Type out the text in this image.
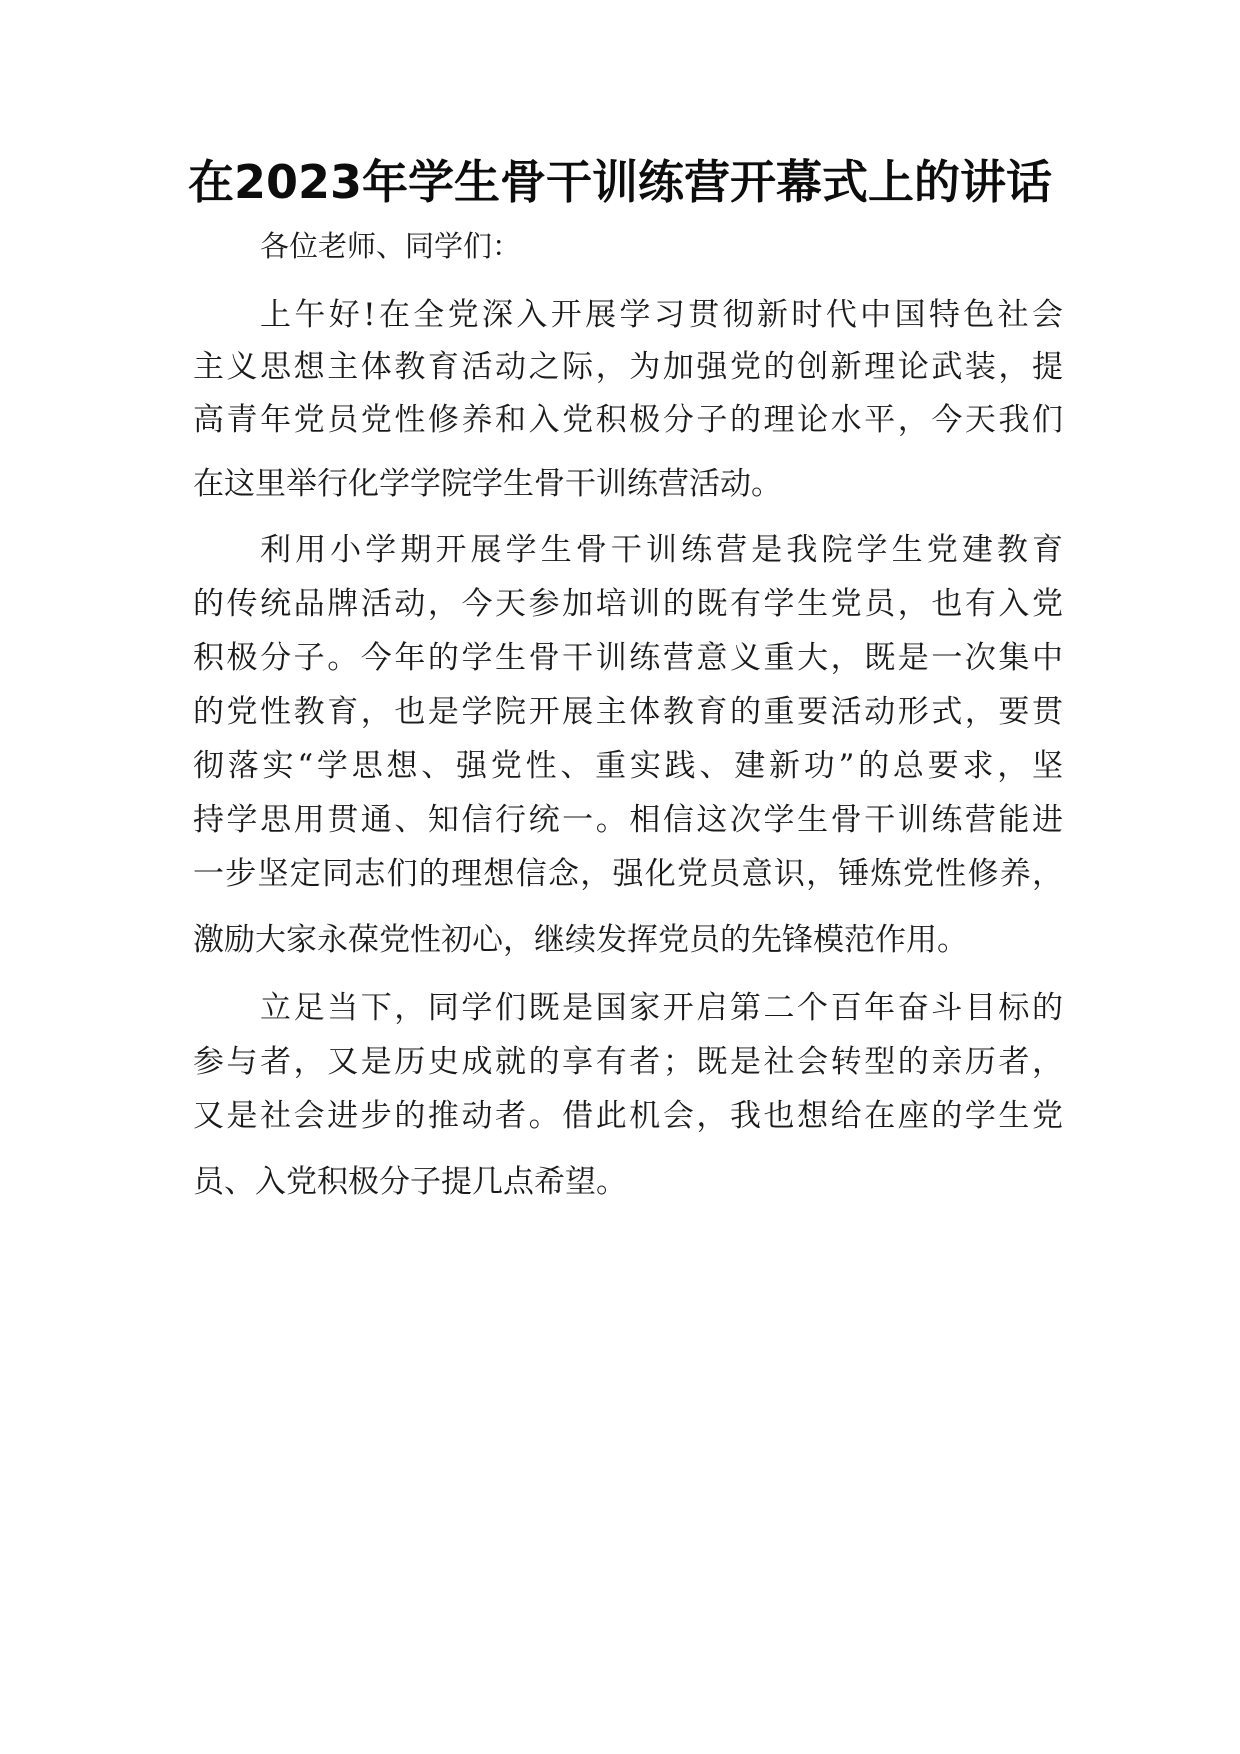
在2023年学生骨干训练营开幕式上的讲话
各位老师、同学们：
上午好!在全党深入开展学习贯彻新时代中国特色社会
主义思想主体教育活动之际，为加强党的创新理论武装，提
高青年党员党性修养和入党积极分子的理论水平，今天我们
在这里举行化学学院学生骨干训练营活动。
利用小学期开展学生骨干训练营是我院学生党建教育
的传统品牌活动，今天参加培训的既有学生党员，也有入党
积极分子。今年的学生骨干训练营意义重大，既是一次集中
的党性教育，也是学院开展主体教育的重要活动形式，要贯
彻落实“学思想、强党性、重实践、建新功”的总要求，坚
持学思用贯通、知信行统一。相信这次学生骨干训练营能进
一步坚定同志们的理想信念，强化党员意识，锤炼党性修养，
激励大家永葆党性初心，继续发挥党员的先锋模范作用。
立足当下，同学们既是国家开启第二个百年奋斗目标的
参与者，又是历史成就的享有者；既是社会转型的亲历者，
又是社会进步的推动者。借此机会，我也想给在座的学生党
员、入党积极分子提几点希望。
